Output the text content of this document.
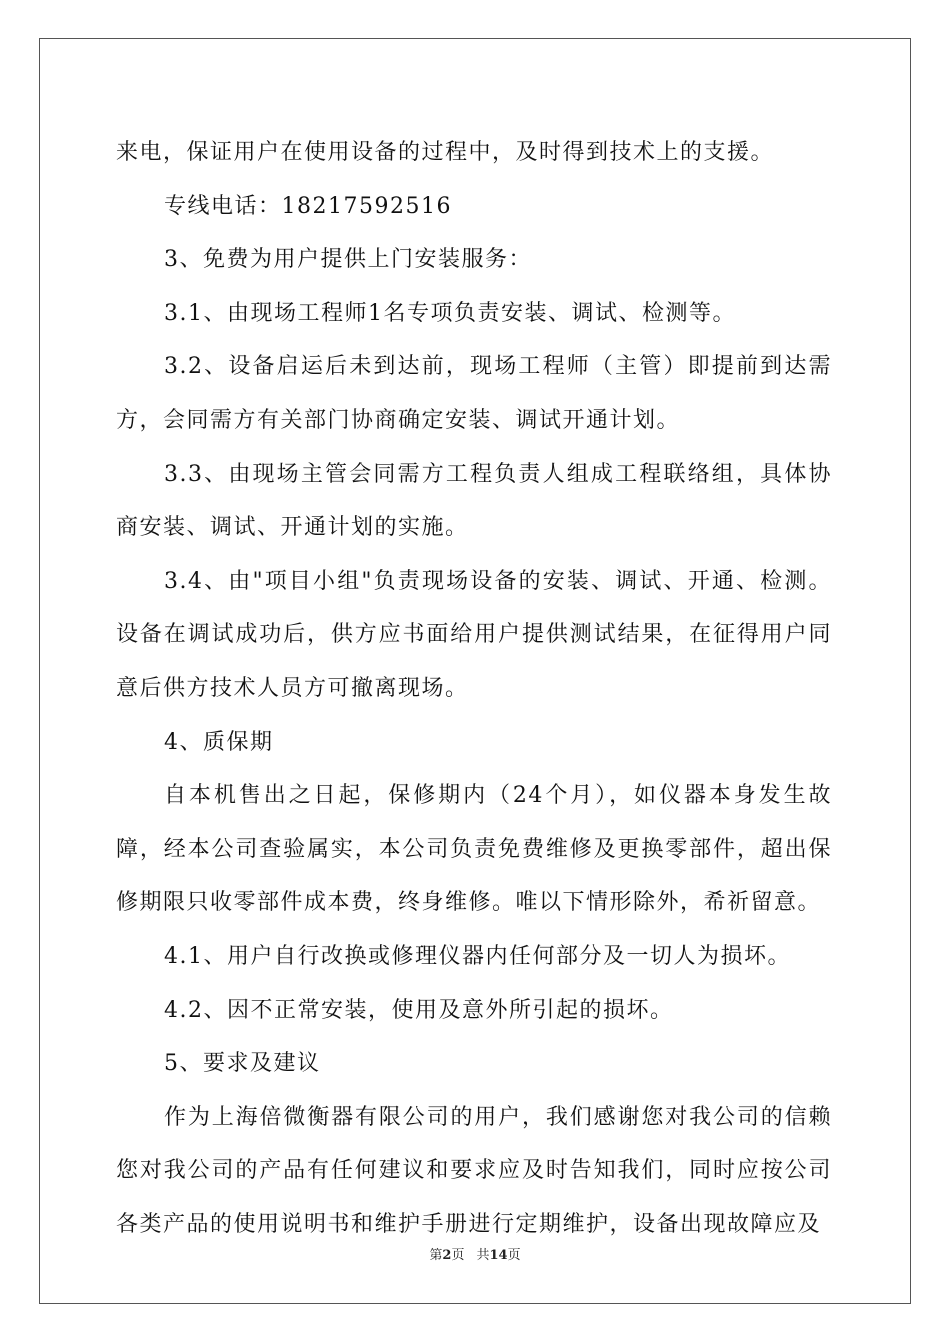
来电，保证用户在使用设备的过程中，及时得到技术上的支援。

专线电话：18217592516

3、免费为用户提供上门安装服务：

3.1、由现场工程师1名专项负责安装、调试、检测等。

3.2、设备启运后未到达前，现场工程师（主管）即提前到达需方，会同需方有关部门协商确定安装、调试开通计划。

3.3、由现场主管会同需方工程负责人组成工程联络组，具体协商安装、调试、开通计划的实施。

3.4、由"项目小组"负责现场设备的安装、调试、开通、检测。设备在调试成功后，供方应书面给用户提供测试结果，在征得用户同意后供方技术人员方可撤离现场。

4、质保期

自本机售出之日起，保修期内（24个月），如仪器本身发生故障，经本公司查验属实，本公司负责免费维修及更换零部件，超出保修期限只收零部件成本费，终身维修。唯以下情形除外，希祈留意。

4.1、用户自行改换或修理仪器内任何部分及一切人为损坏。

4.2、因不正常安装，使用及意外所引起的损坏。

5、要求及建议

作为上海倍微衡器有限公司的用户，我们感谢您对我公司的信赖您对我公司的产品有任何建议和要求应及时告知我们，同时应按公司各类产品的使用说明书和维护手册进行定期维护，设备出现故障应及

第2页 共14页
